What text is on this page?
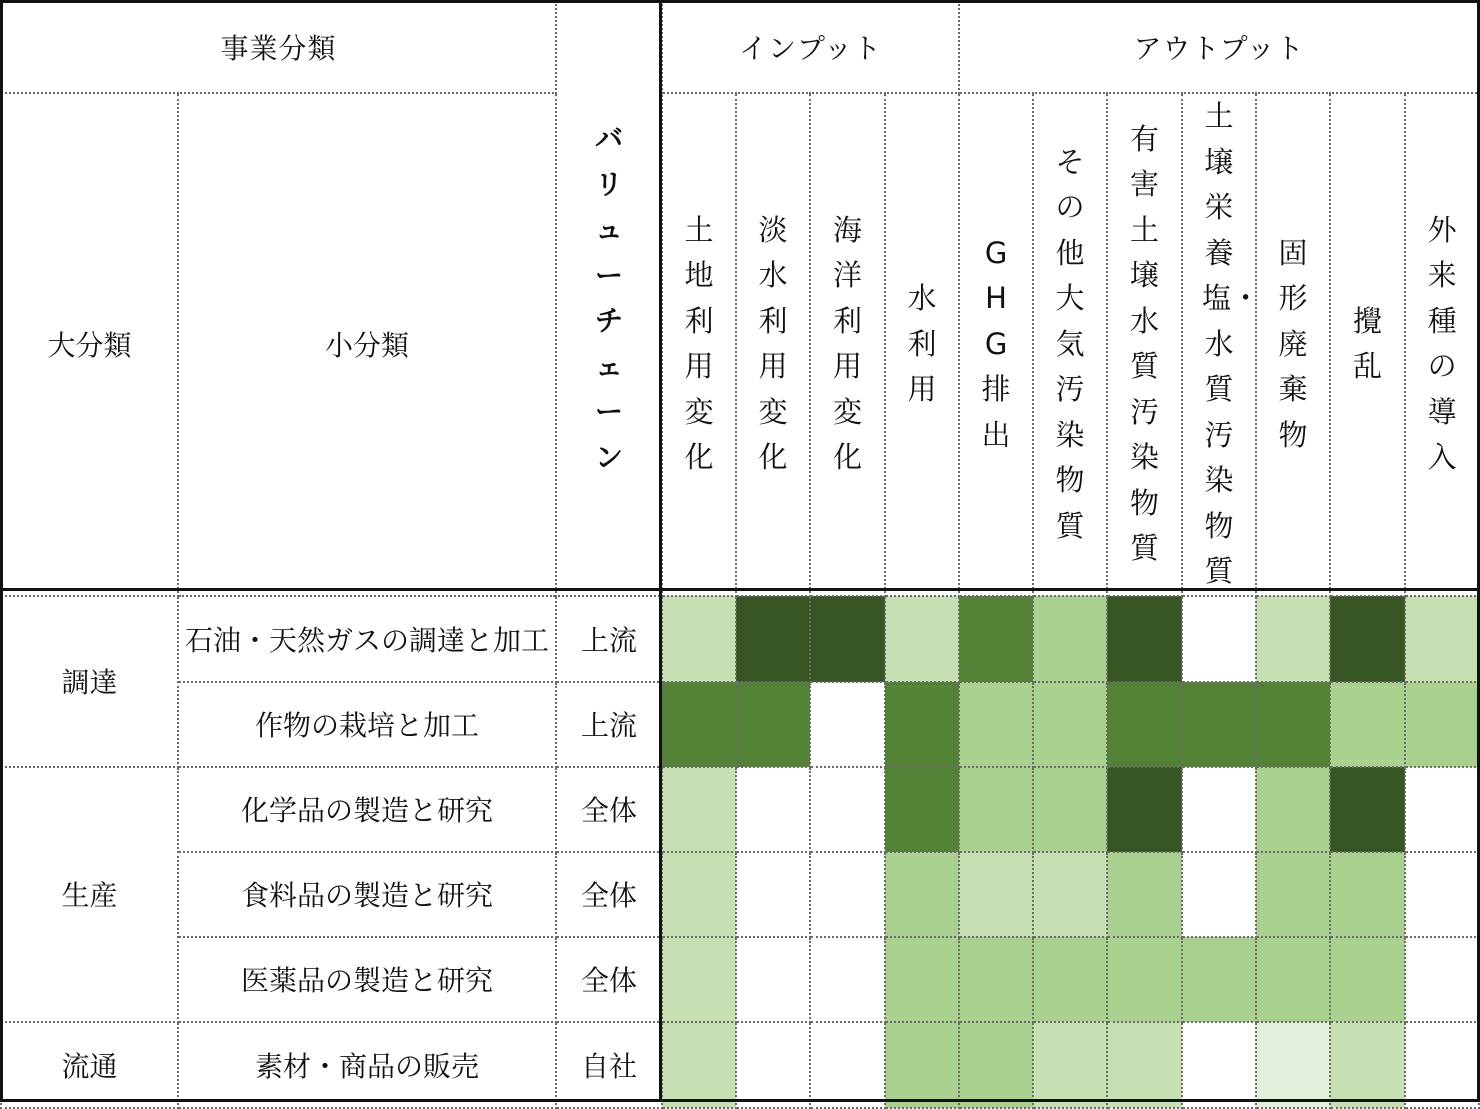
事業分類		バリューチェーン	インプット				アウトプット						
大分類	小分類		土地利用変化	淡水利用変化	海洋利用変化	水利用	GHG排出	その他大気汚染物質	有害土壌水質汚染物質	土壌栄養塩・水質汚染物質	固形廃棄物	攪乱	外来種の導入
調達	石油・天然ガスの調達と加工	上流											
	作物の栽培と加工	上流											
生産	化学品の製造と研究	全体											
	食料品の製造と研究	全体											
	医薬品の製造と研究	全体											
流通	素材・商品の販売	自社											
